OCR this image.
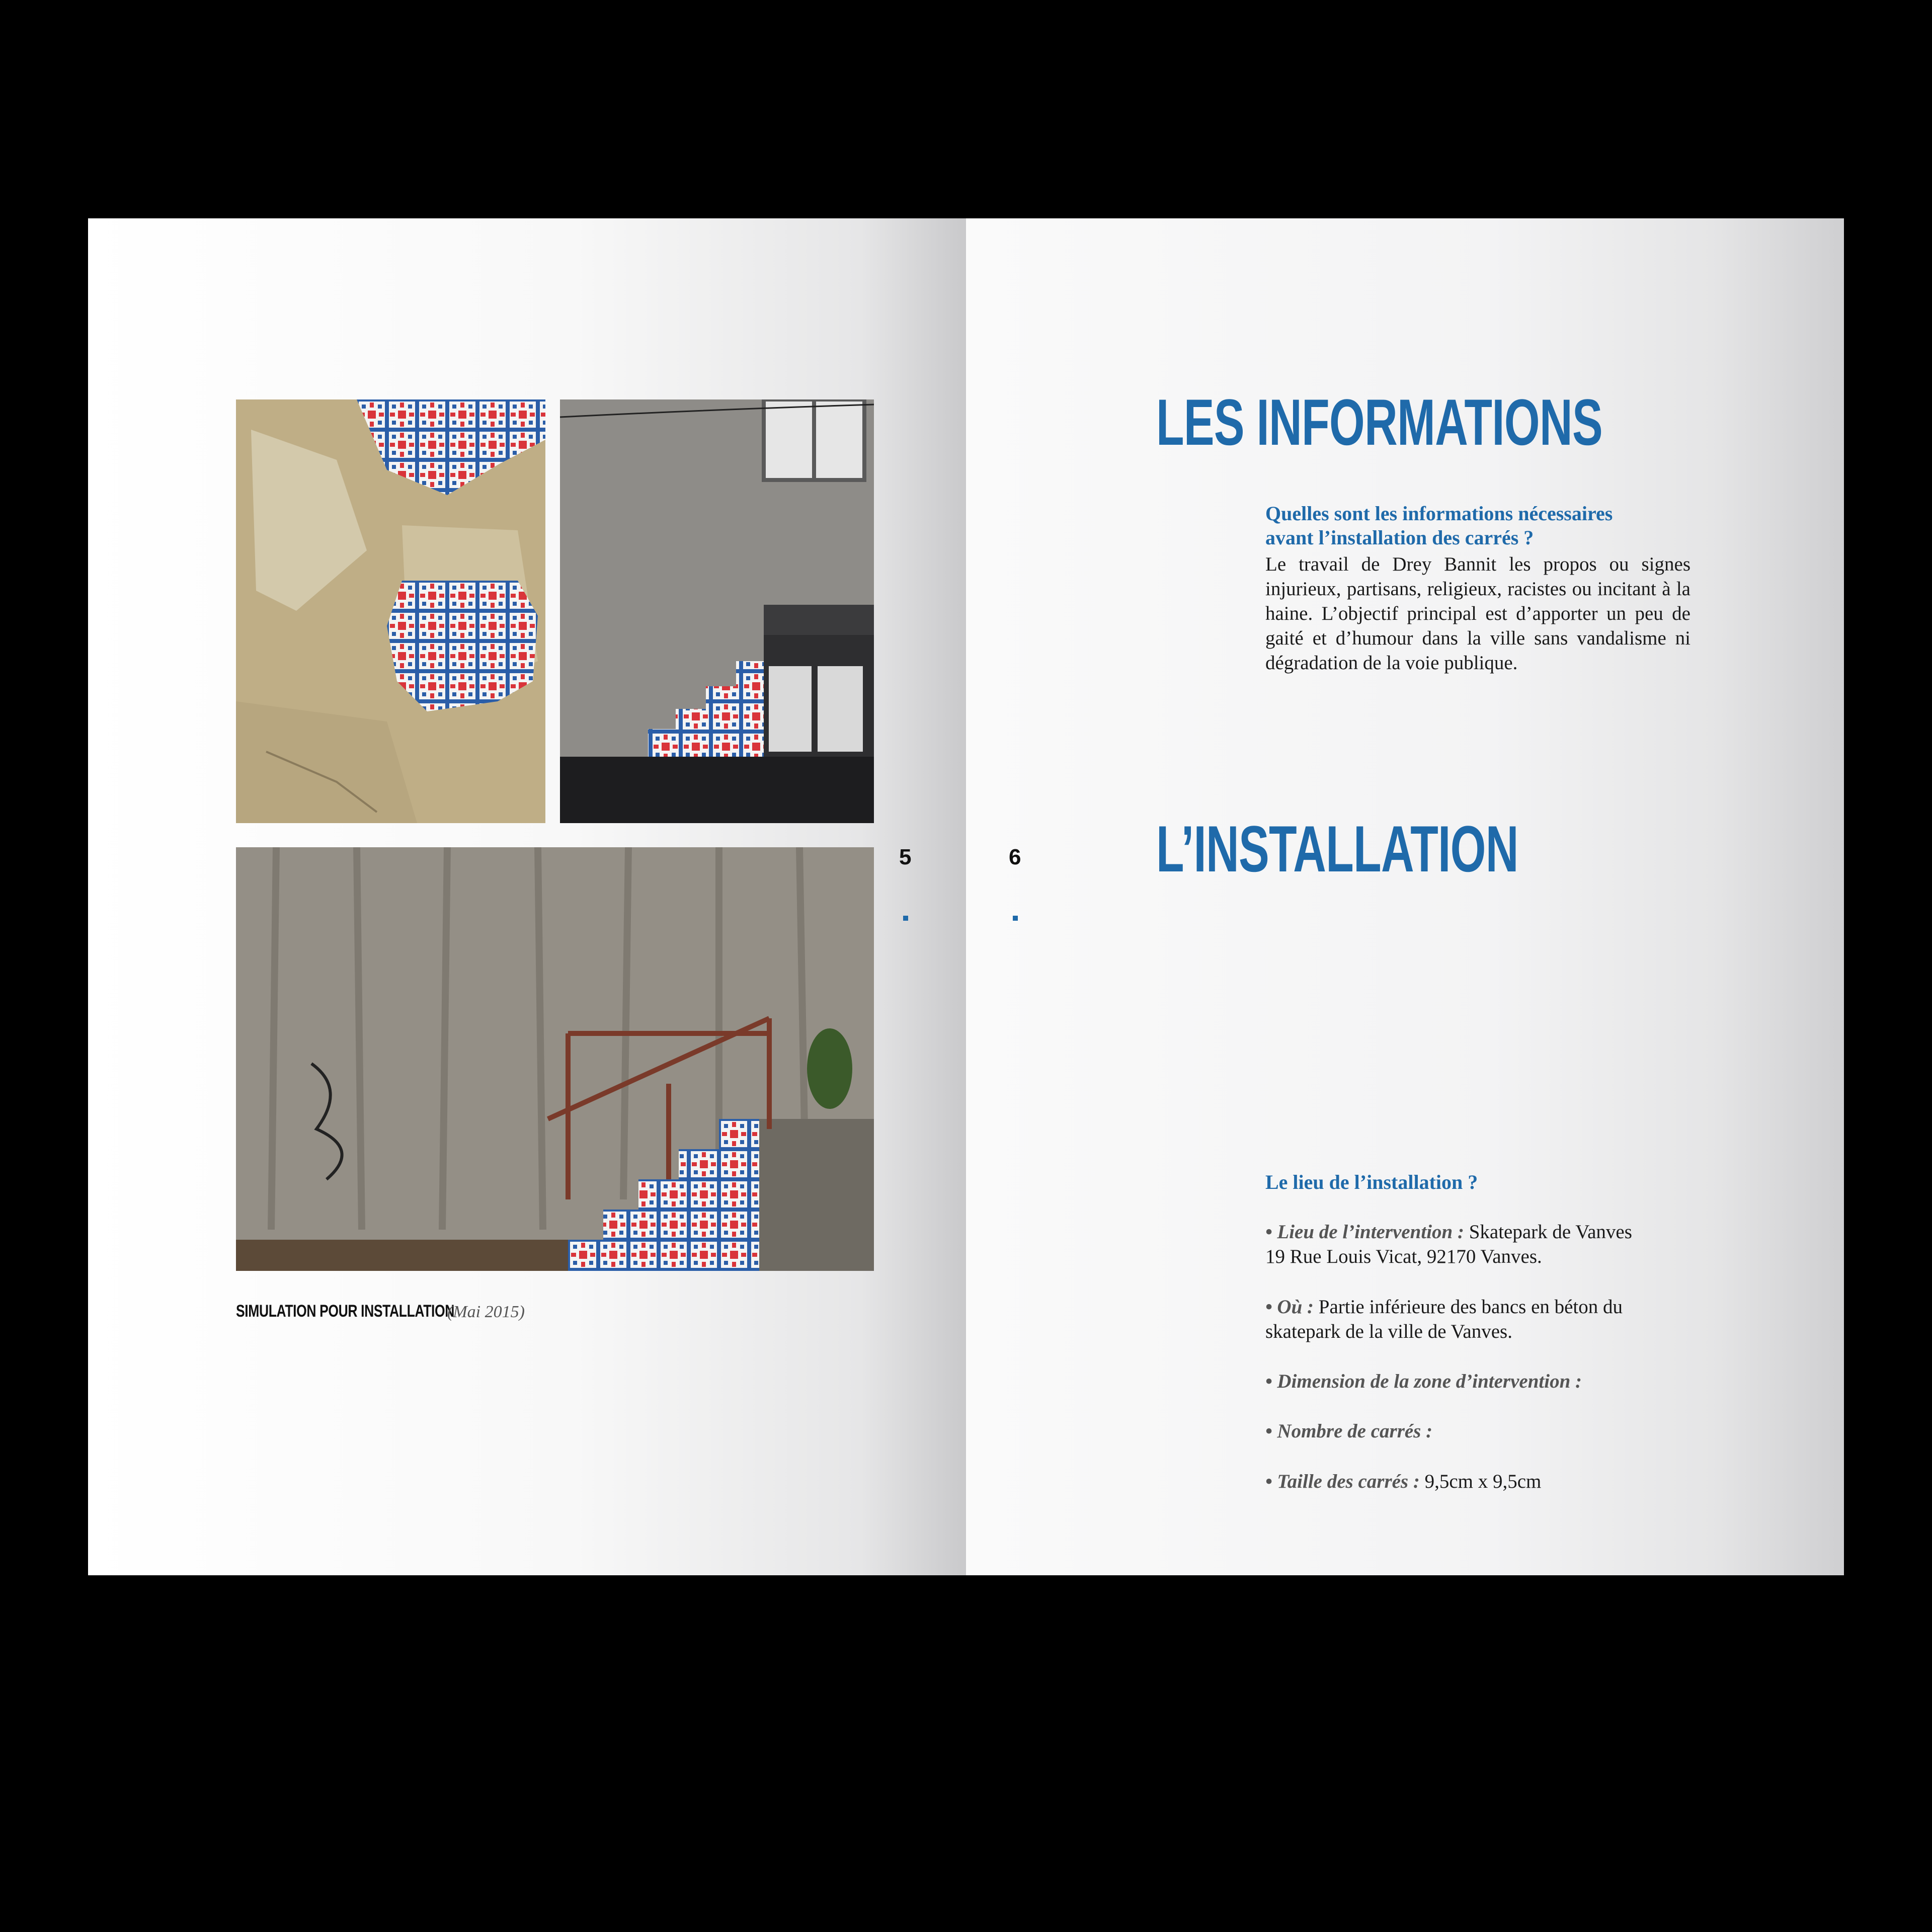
SIMULATION POUR INSTALLATION
(Mai 2015)
5	6
LES INFORMATIONS
Quelles sont les informations nécessaires
avant l’installation des carrés ?
Le travail de Drey Bannit les propos ou signes injurieux, partisans, religieux, racistes ou incitant à la haine. L’objectif principal est d’apporter un peu de gaité et d’humour dans la ville sans vandalisme ni dégradation de la voie publique.
L’INSTALLATION
Le lieu de l’installation ?
• Lieu de l’intervention : Skatepark de Vanves
19 Rue Louis Vicat, 92170 Vanves.
• Où : Partie inférieure des bancs en béton du
skatepark de la ville de Vanves.
• Dimension de la zone d’intervention :
• Nombre de carrés :
• Taille des carrés : 9,5cm x 9,5cm
